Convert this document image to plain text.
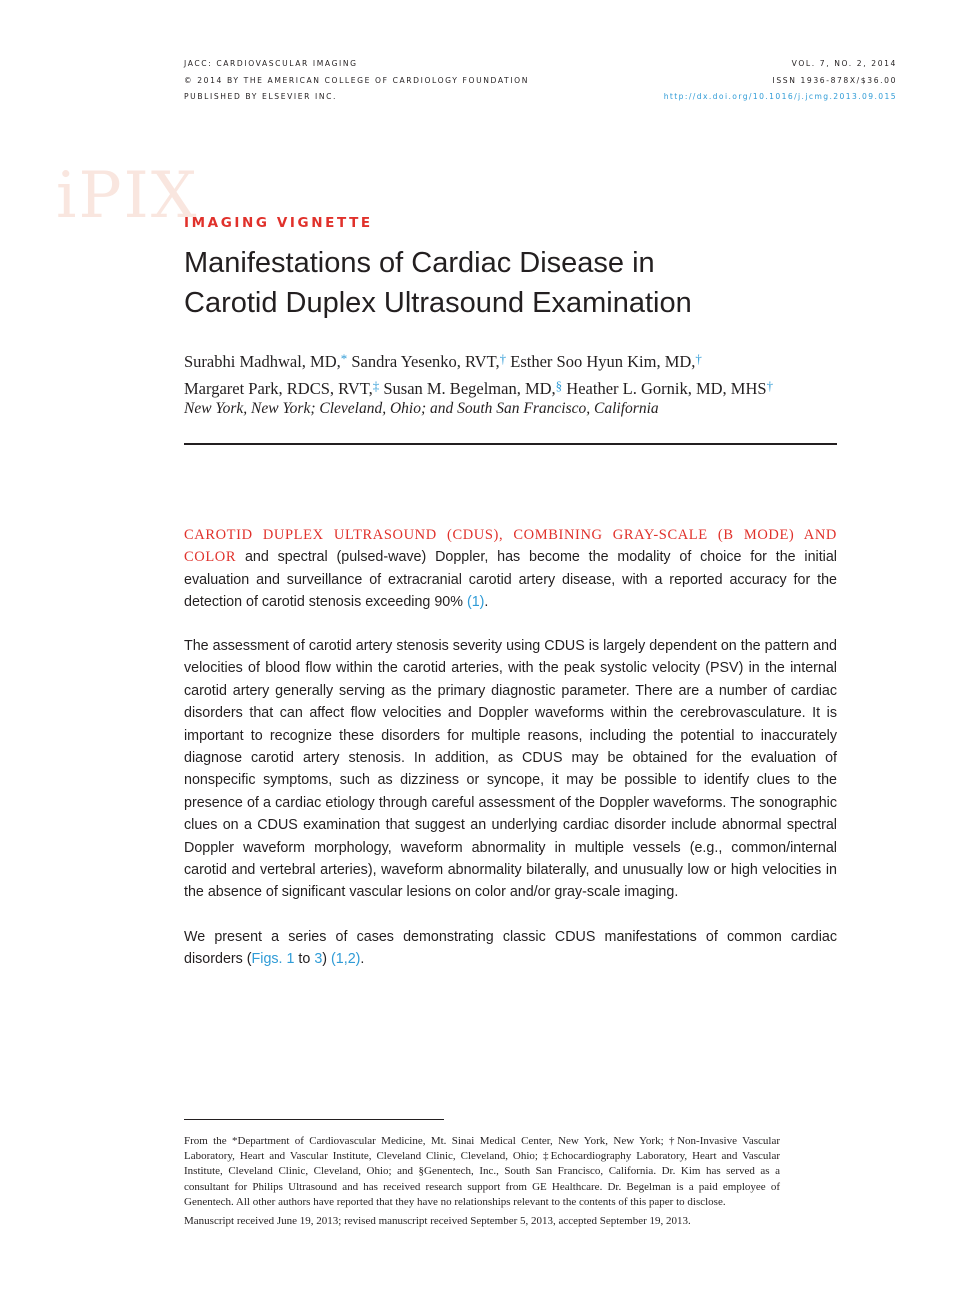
JACC: CARDIOVASCULAR IMAGING
© 2014 BY THE AMERICAN COLLEGE OF CARDIOLOGY FOUNDATION
PUBLISHED BY ELSEVIER INC.
VOL. 7, NO. 2, 2014
ISSN 1936-878X/$36.00
http://dx.doi.org/10.1016/j.jcmg.2013.09.015
iPIX
IMAGING VIGNETTE
Manifestations of Cardiac Disease in
Carotid Duplex Ultrasound Examination
Surabhi Madhwal, MD,* Sandra Yesenko, RVT,† Esther Soo Hyun Kim, MD,†
Margaret Park, RDCS, RVT,‡ Susan M. Begelman, MD,§ Heather L. Gornik, MD, MHS†
New York, New York; Cleveland, Ohio; and South San Francisco, California

CAROTID DUPLEX ULTRASOUND (CDUS), COMBINING GRAY-SCALE (B MODE) AND COLOR and spectral (pulsed-wave) Doppler, has become the modality of choice for the initial evaluation and surveillance of extracranial carotid artery disease, with a reported accuracy for the detection of carotid stenosis exceeding 90% (1).

The assessment of carotid artery stenosis severity using CDUS is largely dependent on the pattern and velocities of blood flow within the carotid arteries, with the peak systolic velocity (PSV) in the internal carotid artery generally serving as the primary diagnostic parameter. There are a number of cardiac disorders that can affect flow velocities and Doppler waveforms within the cerebrovasculature. It is important to recognize these disorders for multiple reasons, including the potential to inaccurately diagnose carotid artery stenosis. In addition, as CDUS may be obtained for the evaluation of nonspecific symptoms, such as dizziness or syncope, it may be possible to identify clues to the presence of a cardiac etiology through careful assessment of the Doppler waveforms. The sonographic clues on a CDUS examination that suggest an underlying cardiac disorder include abnormal spectral Doppler waveform morphology, waveform abnormality in multiple vessels (e.g., common/internal carotid and vertebral arteries), waveform abnormality bilaterally, and unusually low or high velocities in the absence of significant vascular lesions on color and/or gray-scale imaging.

We present a series of cases demonstrating classic CDUS manifestations of common cardiac disorders (Figs. 1 to 3) (1,2).

From the *Department of Cardiovascular Medicine, Mt. Sinai Medical Center, New York, New York; †Non-Invasive Vascular Laboratory, Heart and Vascular Institute, Cleveland Clinic, Cleveland, Ohio; ‡Echocardiography Laboratory, Heart and Vascular Institute, Cleveland Clinic, Cleveland, Ohio; and §Genentech, Inc., South San Francisco, California. Dr. Kim has served as a consultant for Philips Ultrasound and has received research support from GE Healthcare. Dr. Begelman is a paid employee of Genentech. All other authors have reported that they have no relationships relevant to the contents of this paper to disclose.

Manuscript received June 19, 2013; revised manuscript received September 5, 2013, accepted September 19, 2013.
